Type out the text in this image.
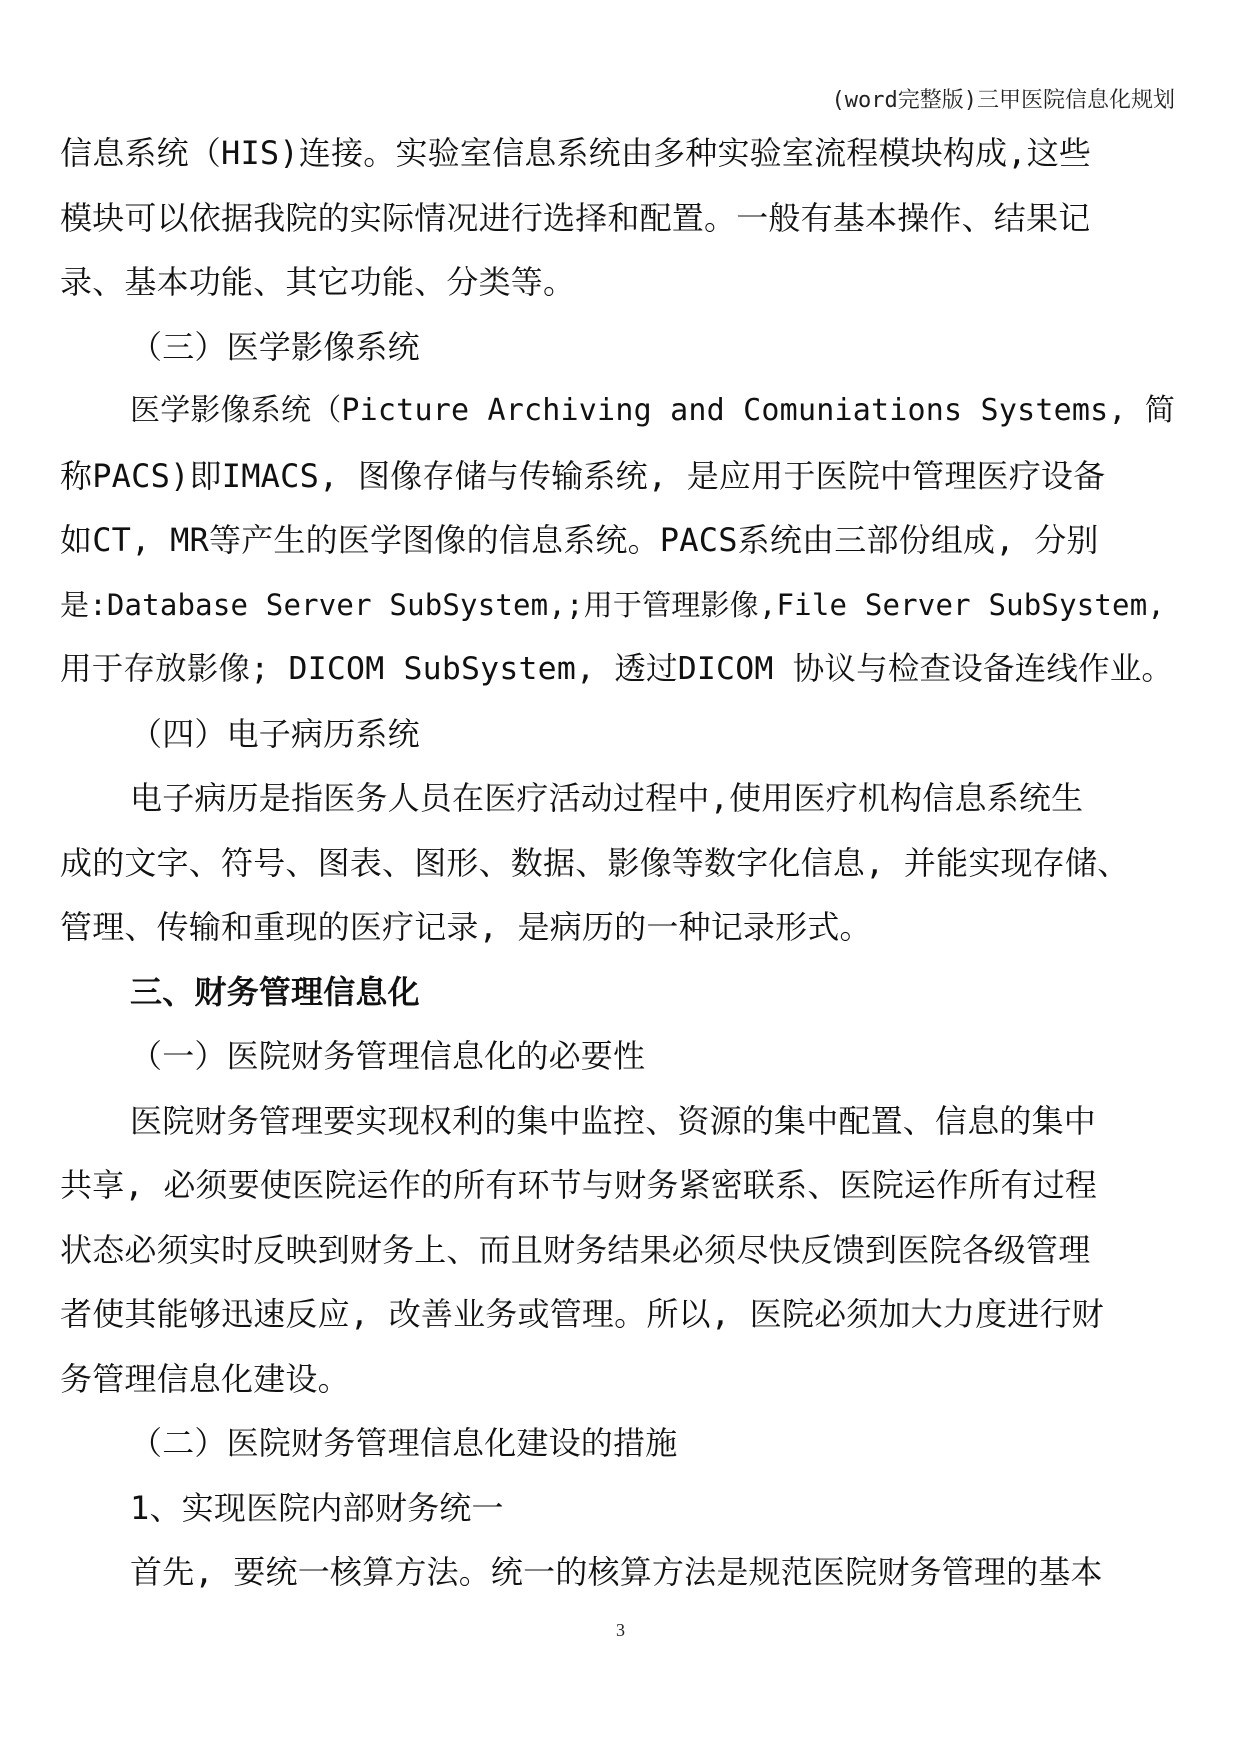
(word完整版)三甲医院信息化规划
信息系统（HIS)连接。实验室信息系统由多种实验室流程模块构成,这些
模块可以依据我院的实际情况进行选择和配置。一般有基本操作、结果记
录、基本功能、其它功能、分类等。
（三）医学影像系统
医学影像系统（Picture Archiving and Comuniations Systems, 简
称PACS)即IMACS, 图像存储与传输系统, 是应用于医院中管理医疗设备
如CT, MR等产生的医学图像的信息系统。PACS系统由三部份组成, 分别
是:Database Server SubSystem,;用于管理影像,File Server SubSystem,
用于存放影像; DICOM SubSystem, 透过DICOM 协议与检查设备连线作业。
（四）电子病历系统
电子病历是指医务人员在医疗活动过程中,使用医疗机构信息系统生
成的文字、符号、图表、图形、数据、影像等数字化信息, 并能实现存储、
管理、传输和重现的医疗记录, 是病历的一种记录形式。
三、财务管理信息化
（一）医院财务管理信息化的必要性
医院财务管理要实现权利的集中监控、资源的集中配置、信息的集中
共享, 必须要使医院运作的所有环节与财务紧密联系、医院运作所有过程
状态必须实时反映到财务上、而且财务结果必须尽快反馈到医院各级管理
者使其能够迅速反应, 改善业务或管理。所以, 医院必须加大力度进行财
务管理信息化建设。
（二）医院财务管理信息化建设的措施
1、实现医院内部财务统一
首先, 要统一核算方法。统一的核算方法是规范医院财务管理的基本
3
